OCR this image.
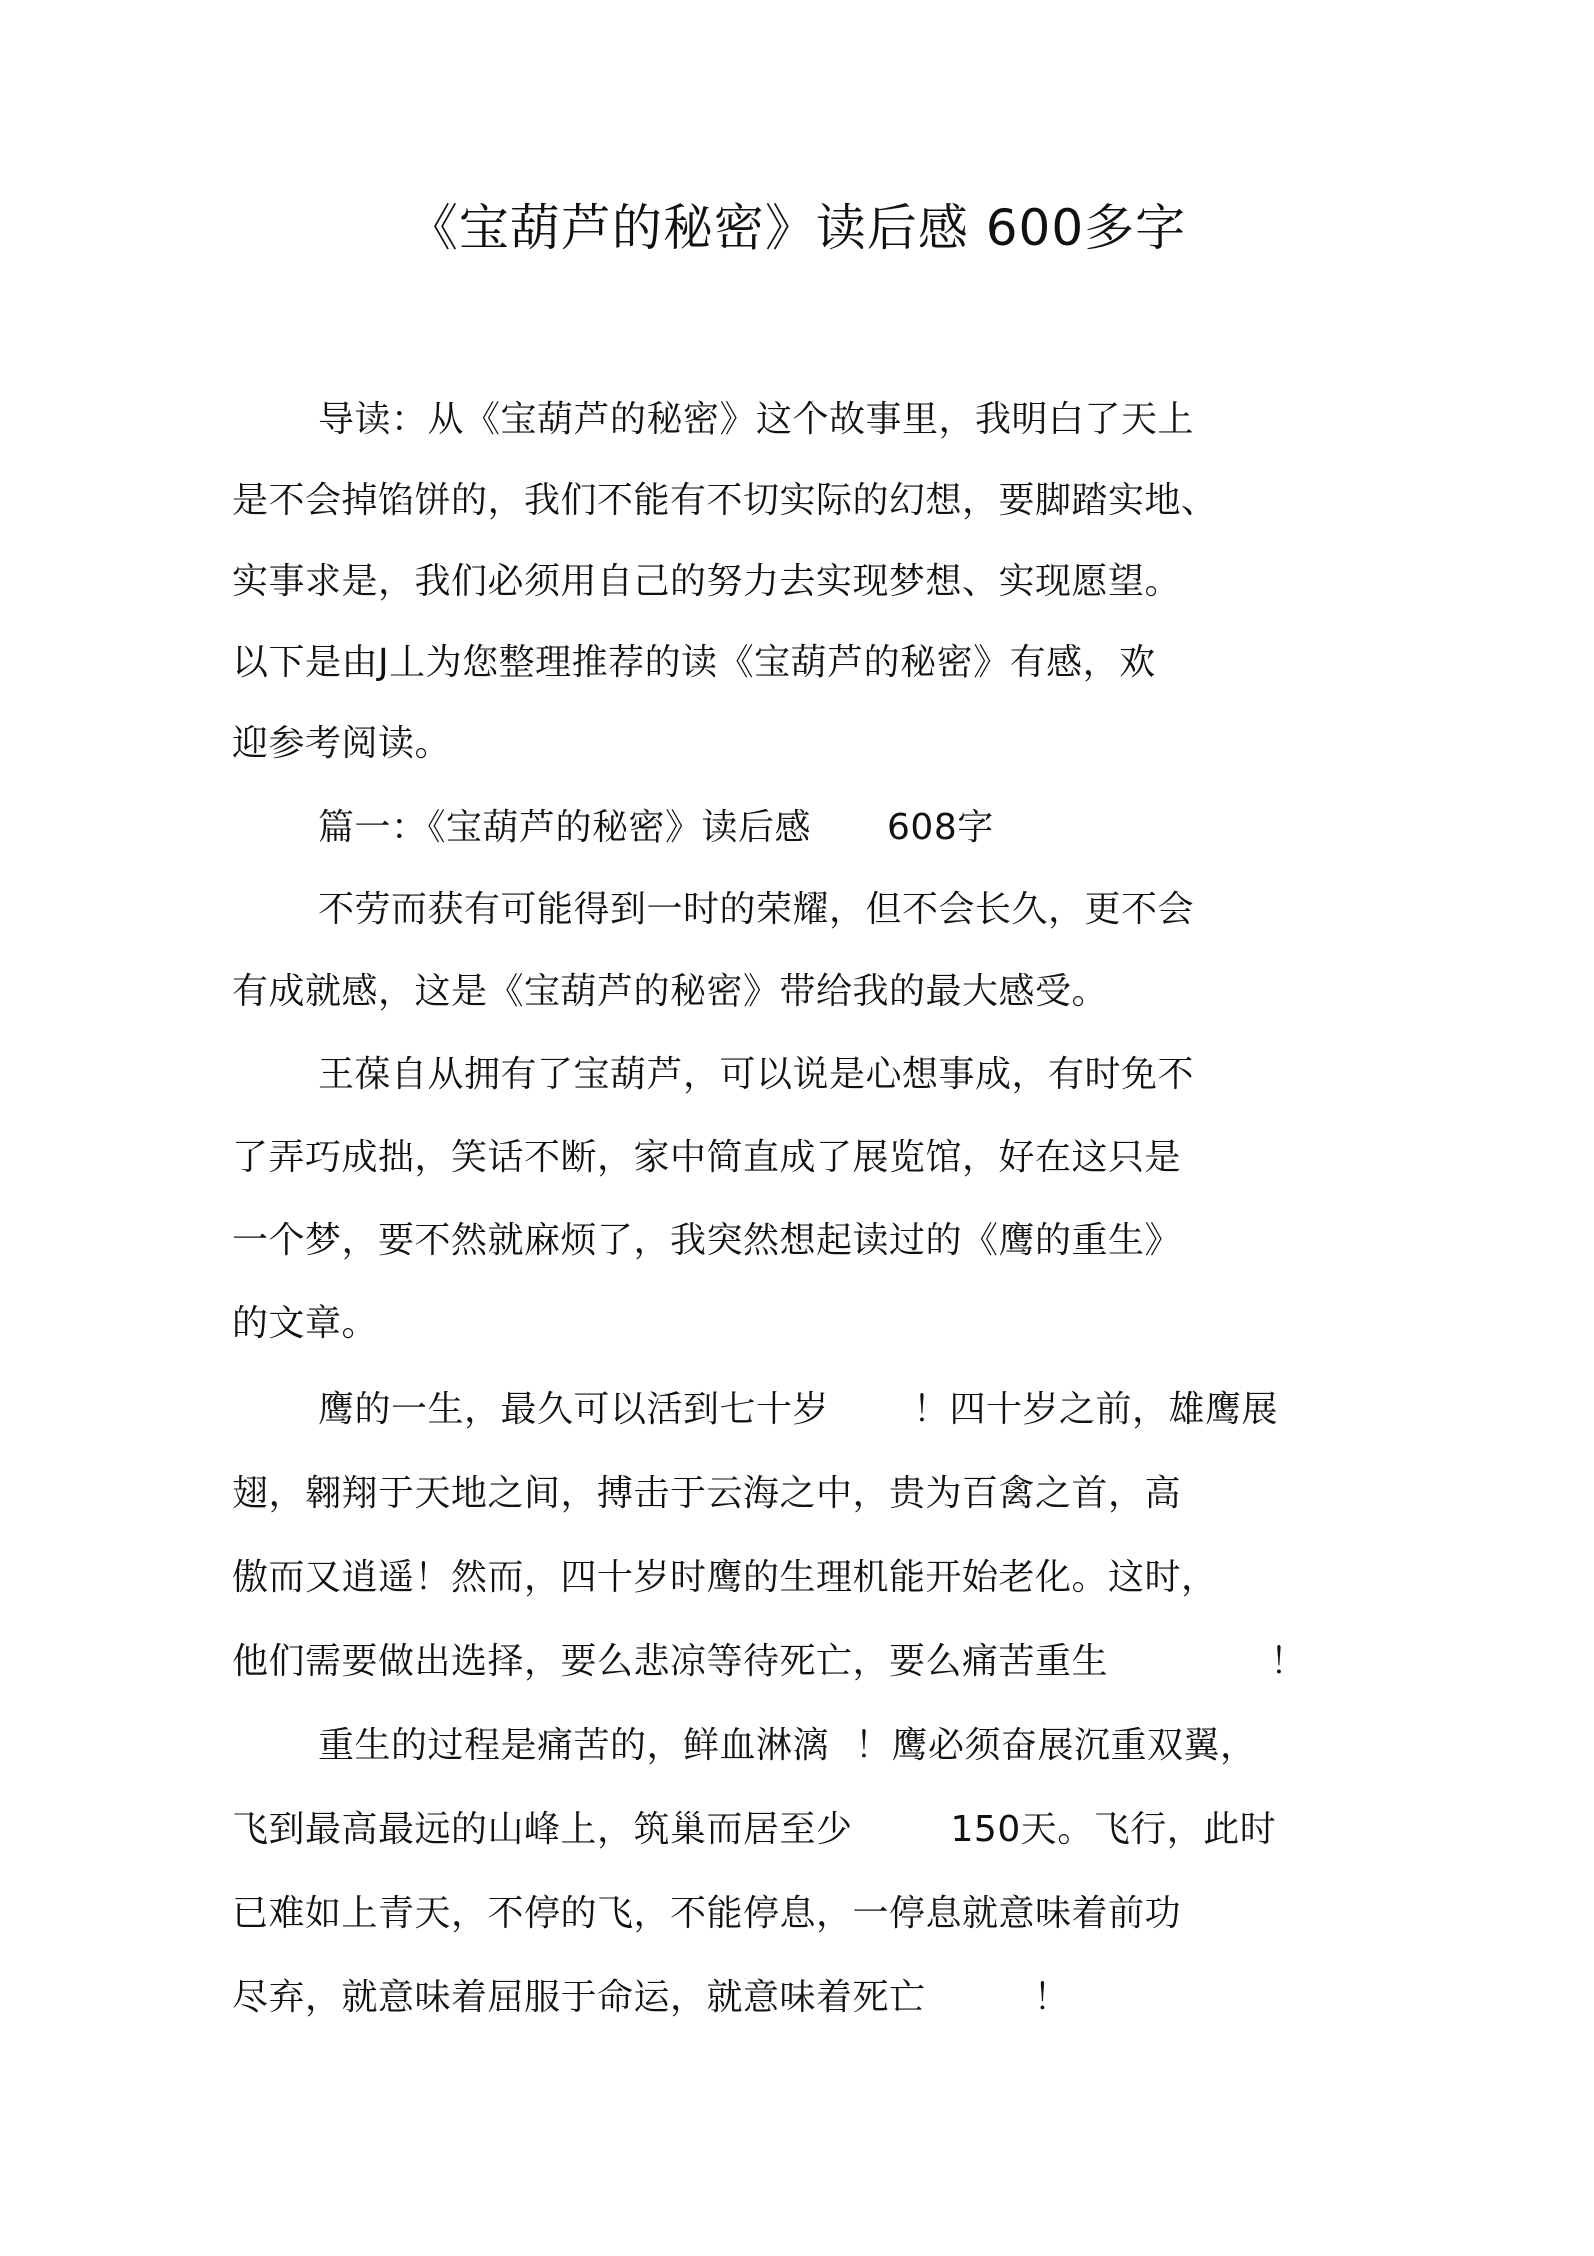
《宝葫芦的秘密》读后感 600多字
导读：从《宝葫芦的秘密》这个故事里，我明白了天上
是不会掉馅饼的，我们不能有不切实际的幻想，要脚踏实地、
实事求是，我们必须用自己的努力去实现梦想、实现愿望。
以下是由J丄为您整理推荐的读《宝葫芦的秘密》有感，欢
迎参考阅读。
篇一：《宝葫芦的秘密》读后感 608字
不劳而获有可能得到一时的荣耀，但不会长久，更不会
有成就感，这是《宝葫芦的秘密》带给我的最大感受。
王葆自从拥有了宝葫芦，可以说是心想事成，有时免不
了弄巧成拙，笑话不断，家中简直成了展览馆，好在这只是
一个梦，要不然就麻烦了，我突然想起读过的《鹰的重生》
的文章。
鹰的一生，最久可以活到七十岁 ！四十岁之前，雄鹰展
翅，翱翔于天地之间，搏击于云海之中，贵为百禽之首，高
傲而又逍遥！然而，四十岁时鹰的生理机能开始老化。这时，
他们需要做出选择，要么悲凉等待死亡，要么痛苦重生	！
重生的过程是痛苦的，鲜血淋漓 ！鹰必须奋展沉重双翼，
飞到最高最远的山峰上，筑巢而居至少	150天。飞行，此时
已难如上青天，不停的飞，不能停息，一停息就意味着前功
尽弃，就意味着屈服于命运，就意味着死亡	！
